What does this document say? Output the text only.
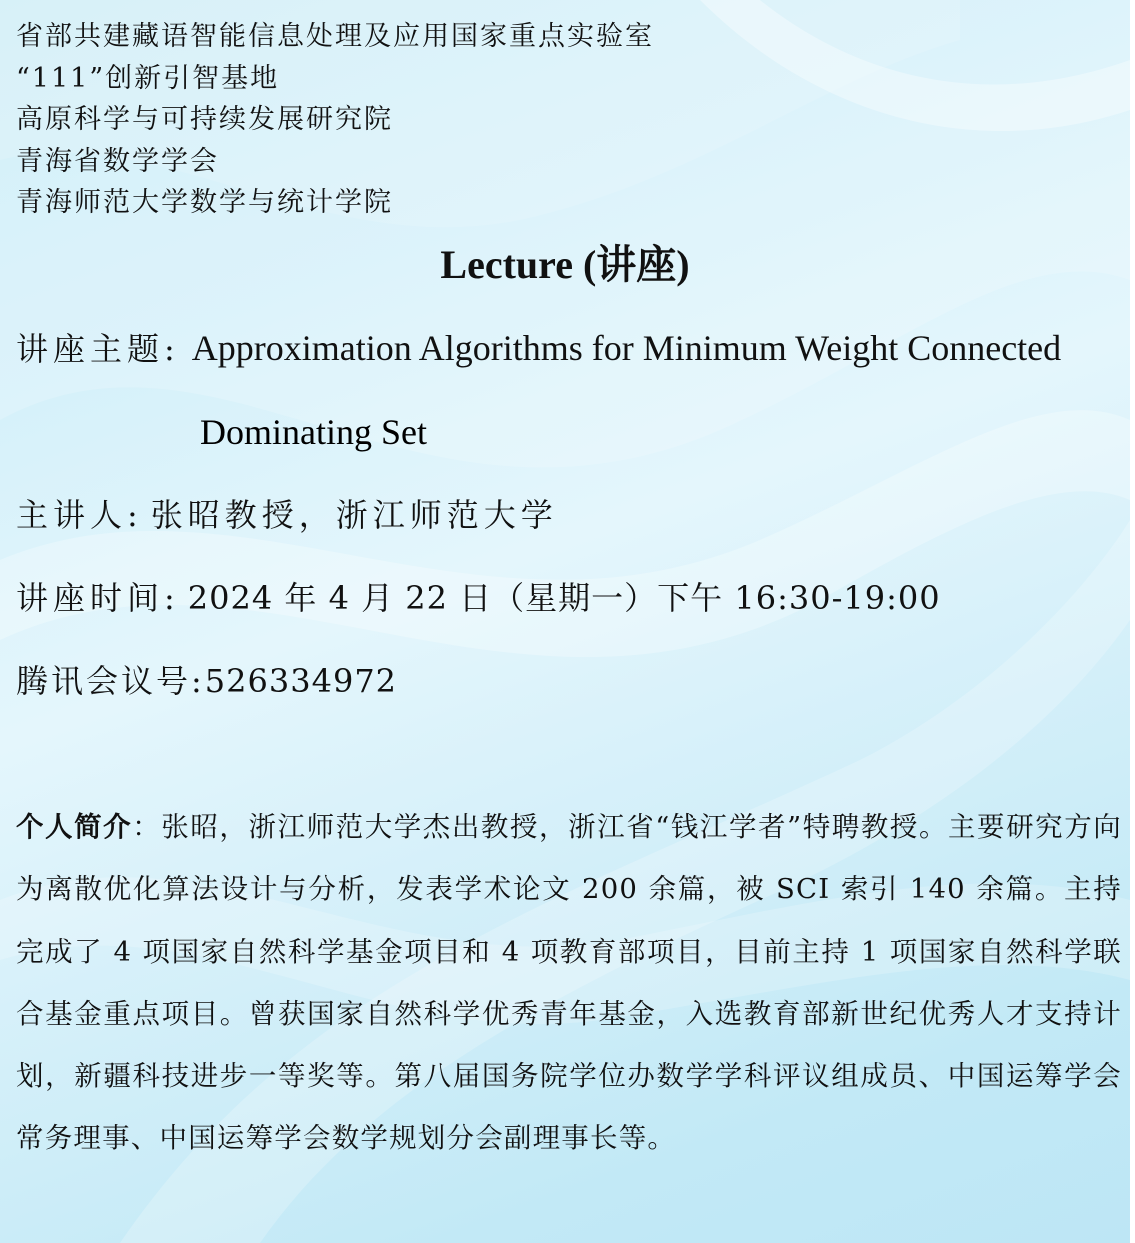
省部共建藏语智能信息处理及应用国家重点实验室
“111”创新引智基地
高原科学与可持续发展研究院
青海省数学学会
青海师范大学数学与统计学院
Lecture (讲座)
讲座主题: Approximation Algorithms for Minimum Weight Connected
Dominating Set
主讲人: 张昭教授，浙江师范大学
讲座时间: 2024 年 4 月 22 日（星期一）下午 16:30-19:00
腾讯会议号:526334972
个人简介：张昭，浙江师范大学杰出教授，浙江省“钱江学者”特聘教授。主要研究方向为离散优化算法设计与分析，发表学术论文 200 余篇，被 SCI 索引 140 余篇。主持完成了 4 项国家自然科学基金项目和 4 项教育部项目，目前主持 1 项国家自然科学联合基金重点项目。曾获国家自然科学优秀青年基金，入选教育部新世纪优秀人才支持计划，新疆科技进步一等奖等。第八届国务院学位办数学学科评议组成员、中国运筹学会常务理事、中国运筹学会数学规划分会副理事长等。
